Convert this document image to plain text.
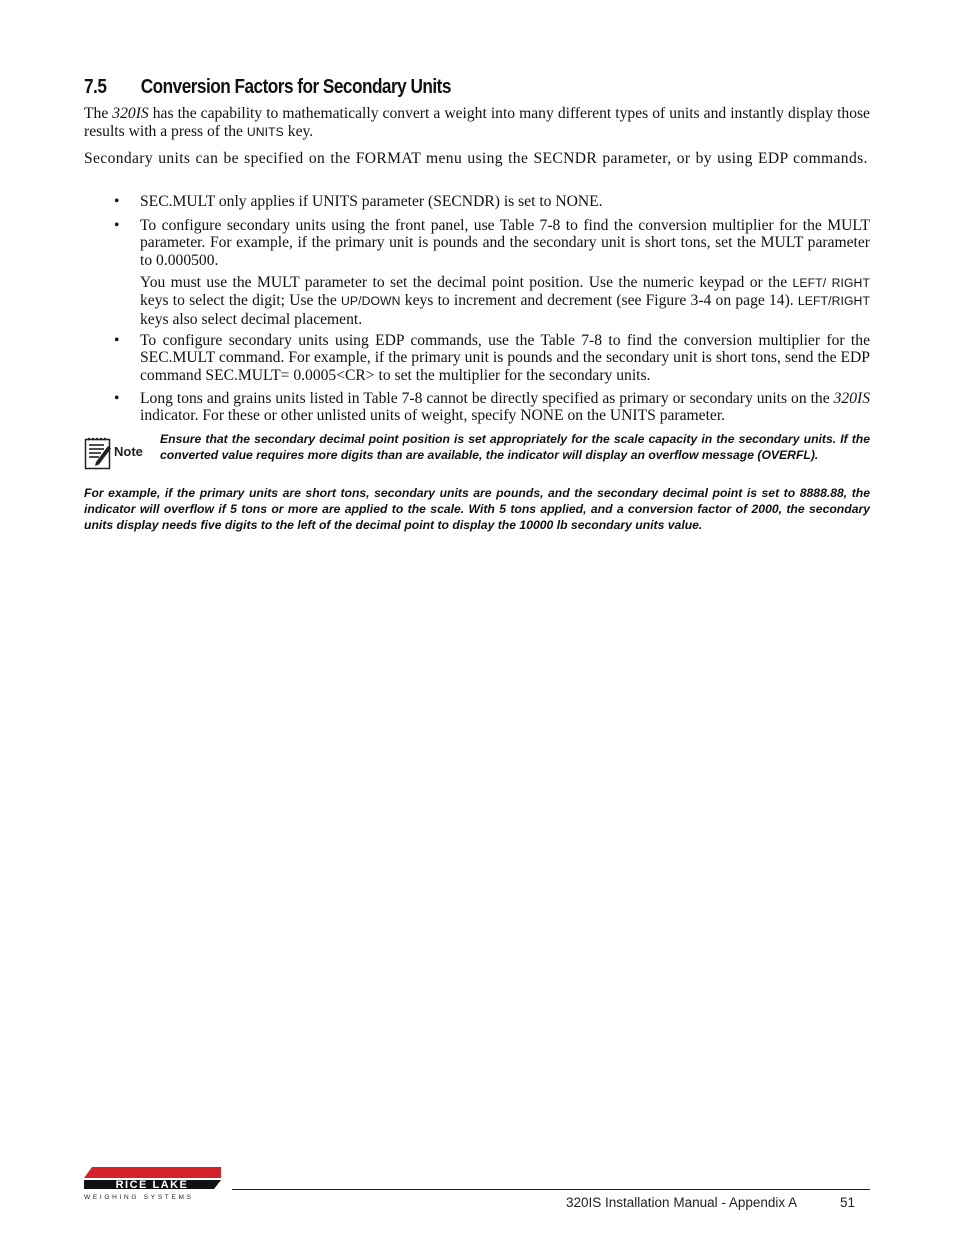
7.5 Conversion Factors for Secondary Units
The 320IS has the capability to mathematically convert a weight into many different types of units and instantly display those results with a press of the UNITS key.
Secondary units can be specified on the FORMAT menu using the SECNDR parameter, or by using EDP commands.
• SEC.MULT only applies if UNITS parameter (SECNDR) is set to NONE.
• To configure secondary units using the front panel, use Table 7-8 to find the conversion multiplier for the MULT parameter. For example, if the primary unit is pounds and the secondary unit is short tons, set the MULT parameter to 0.000500.
You must use the MULT parameter to set the decimal point position. Use the numeric keypad or the LEFT/ RIGHT keys to select the digit; Use the UP/DOWN keys to increment and decrement (see Figure 3-4 on page 14). LEFT/RIGHT keys also select decimal placement.
• To configure secondary units using EDP commands, use the Table 7-8 to find the conversion multiplier for the SEC.MULT command. For example, if the primary unit is pounds and the secondary unit is short tons, send the EDP command SEC.MULT= 0.0005<CR> to set the multiplier for the secondary units.
• Long tons and grains units listed in Table 7-8 cannot be directly specified as primary or secondary units on the 320IS indicator. For these or other unlisted units of weight, specify NONE on the UNITS parameter.
Note
Ensure that the secondary decimal point position is set appropriately for the scale capacity in the secondary units. If the converted value requires more digits than are available, the indicator will display an overflow message (OVERFL).
For example, if the primary units are short tons, secondary units are pounds, and the secondary decimal point is set to 8888.88, the indicator will overflow if 5 tons or more are applied to the scale. With 5 tons applied, and a conversion factor of 2000, the secondary units display needs five digits to the left of the decimal point to display the 10000 lb secondary units value.
RICE LAKE
WEIGHING SYSTEMS	320IS Installation Manual - Appendix A	51
